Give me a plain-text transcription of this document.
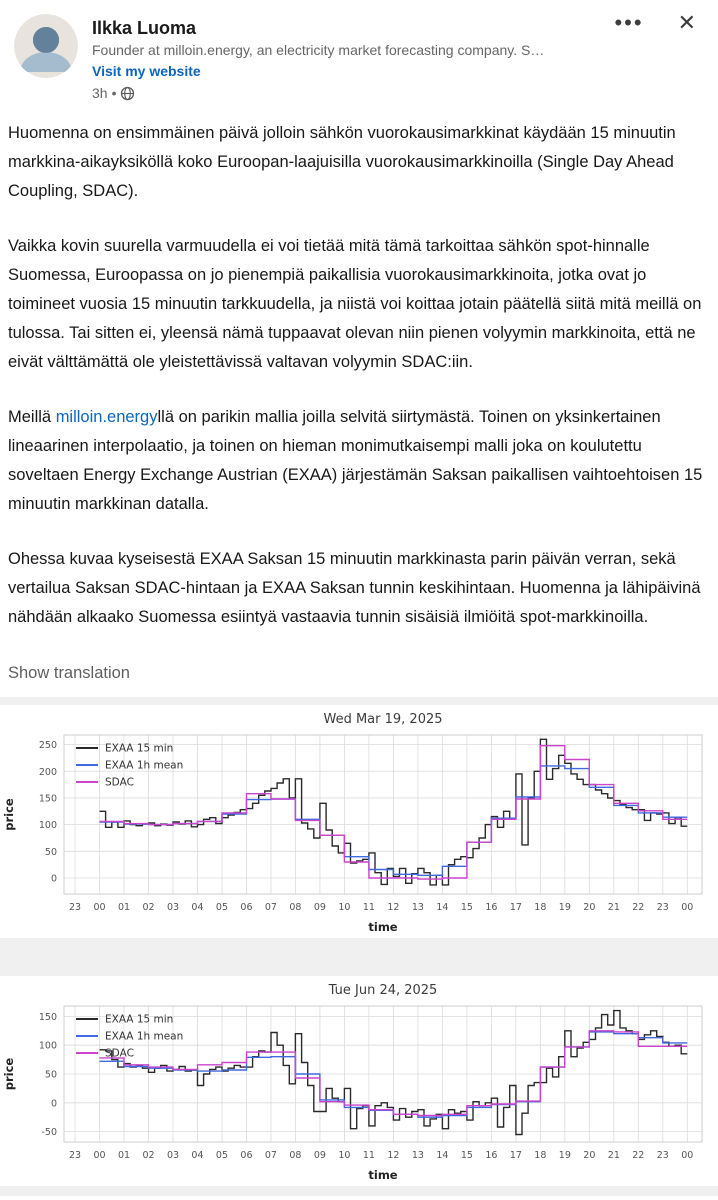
Ilkka Luoma
Founder at milloin.energy, an electricity market forecasting company. S…
Visit my website
3h •
••• ✕

Huomenna on ensimmäinen päivä jolloin sähkön vuorokausimarkkinat käydään 15 minuutin markkina-aikayksiköllä koko Euroopan-laajuisilla vuorokausimarkkinoilla (Single Day Ahead Coupling, SDAC).

Vaikka kovin suurella varmuudella ei voi tietää mitä tämä tarkoittaa sähkön spot-hinnalle Suomessa, Euroopassa on jo pienempiä paikallisia vuorokausimarkkinoita, jotka ovat jo toimineet vuosia 15 minuutin tarkkuudella, ja niistä voi koittaa jotain päätellä siitä mitä meillä on tulossa. Tai sitten ei, yleensä nämä tuppaavat olevan niin pienen volyymin markkinoita, että ne eivät välttämättä ole yleistettävissä valtavan volyymin SDAC:iin.

Meillä milloin.energyllä on parikin mallia joilla selvitä siirtymästä. Toinen on yksinkertainen lineaarinen interpolaatio, ja toinen on hieman monimutkaisempi malli joka on koulutettu soveltaen Energy Exchange Austrian (EXAA) järjestämän Saksan paikallisen vaihtoehtoisen 15 minuutin markkinan datalla.

Ohessa kuvaa kyseisestä EXAA Saksan 15 minuutin markkinasta parin päivän verran, sekä vertailua Saksan SDAC-hintaan ja EXAA Saksan tunnin keskihintaan. Huomenna ja lähipäivinä nähdään alkaako Suomessa esiintyä vastaavia tunnin sisäisiä ilmiöitä spot-markkinoilla.

Show translation
23 00 01 02 03 04 05 06 07 08 09 10 11 12 13 14 15 16 17 18 19 20 21 22 23 00
0
50
100
150
200
250
Wed Mar 19, 2025
time
price
EXAA 15 min
EXAA 1h mean
SDAC
23 00 01 02 03 04 05 06 07 08 09 10 11 12 13 14 15 16 17 18 19 20 21 22 23 00
-50
0
50
100
150
Tue Jun 24, 2025
time
price
EXAA 15 min
EXAA 1h mean
SDAC
